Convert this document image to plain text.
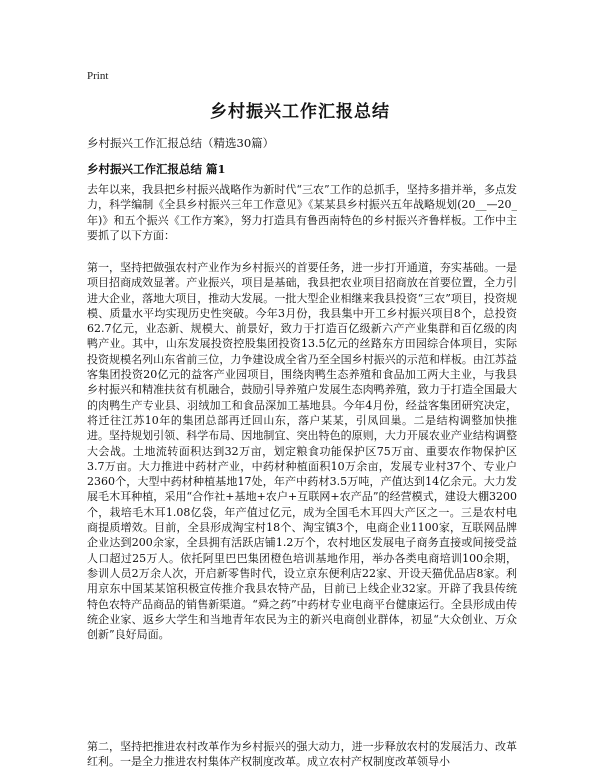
Print
乡村振兴工作汇报总结
乡村振兴工作汇报总结（精选30篇）
乡村振兴工作汇报总结 篇1

去年以来，我县把乡村振兴战略作为新时代“三农”工作的总抓手，坚持多措并举，多点发力，科学编制《全县乡村振兴三年工作意见》《某某县乡村振兴五年战略规划(20__—20_年)》和五个振兴《工作方案》，努力打造具有鲁西南特色的乡村振兴齐鲁样板。工作中主要抓了以下方面：

第一，坚持把做强农村产业作为乡村振兴的首要任务，进一步打开通道，夯实基础。一是项目招商成效显著。产业振兴，项目是基础，我县把农业项目招商放在首要位置，全力引进大企业，落地大项目，推动大发展。一批大型企业相继来我县投资“三农”项目，投资规模、质量水平均实现历史性突破。今年3月份，我县集中开工乡村振兴项目8个，总投资62.7亿元，业态新、规模大、前景好，致力于打造百亿级新六产产业集群和百亿级的肉鸭产业。其中，山东发展投资控股集团投资13.5亿元的丝路东方田园综合体项目，实际投资规模名列山东省前三位，力争建设成全省乃至全国乡村振兴的示范和样板。由江苏益客集团投资20亿元的益客产业园项目，围绕肉鸭生态养殖和食品加工两大主业，与我县乡村振兴和精准扶贫有机融合，鼓励引导养殖户发展生态肉鸭养殖，致力于打造全国最大的肉鸭生产专业县、羽绒加工和食品深加工基地县。今年4月份，经益客集团研究决定，将迁往江苏10年的集团总部再迁回山东，落户某某，引凤回巢。二是结构调整加快推进。坚持规划引领、科学布局、因地制宜、突出特色的原则，大力开展农业产业结构调整大会战。土地流转面积达到32万亩，划定粮食功能保护区75万亩、重要农作物保护区3.7万亩。大力推进中药材产业，中药材种植面积10万余亩，发展专业村37个、专业户2360个，大型中药材种植基地17处，年产中药材3.5万吨，产值达到14亿余元。大力发展毛木耳种植，采用“合作社+基地+农户+互联网+农产品”的经营模式，建设大棚3200个，栽培毛木耳1.08亿袋，年产值过亿元，成为全国毛木耳四大产区之一。三是农村电商提质增效。目前，全县形成淘宝村18个、淘宝镇3个，电商企业1100家，互联网品牌企业达到200余家，全县拥有活跃店铺1.2万个，农村地区发展电子商务直接或间接受益人口超过25万人。依托阿里巴巴集团橙色培训基地作用，举办各类电商培训100余期，参训人员2万余人次，开启新零售时代，设立京东便利店22家、开设天猫优品店8家。利用京东中国某某馆积极宣传推介我县农特产品，目前已上线企业32家。开辟了我县传统特色农特产品商品的销售新渠道。“舜之药”中药材专业电商平台健康运行。全县形成由传统企业家、返乡大学生和当地青年农民为主的新兴电商创业群体，初显“大众创业、万众创新”良好局面。

第二，坚持把推进农村改革作为乡村振兴的强大动力，进一步释放农村的发展活力、改革红利。一是全力推进农村集体产权制度改革。成立农村产权制度改革领导小
